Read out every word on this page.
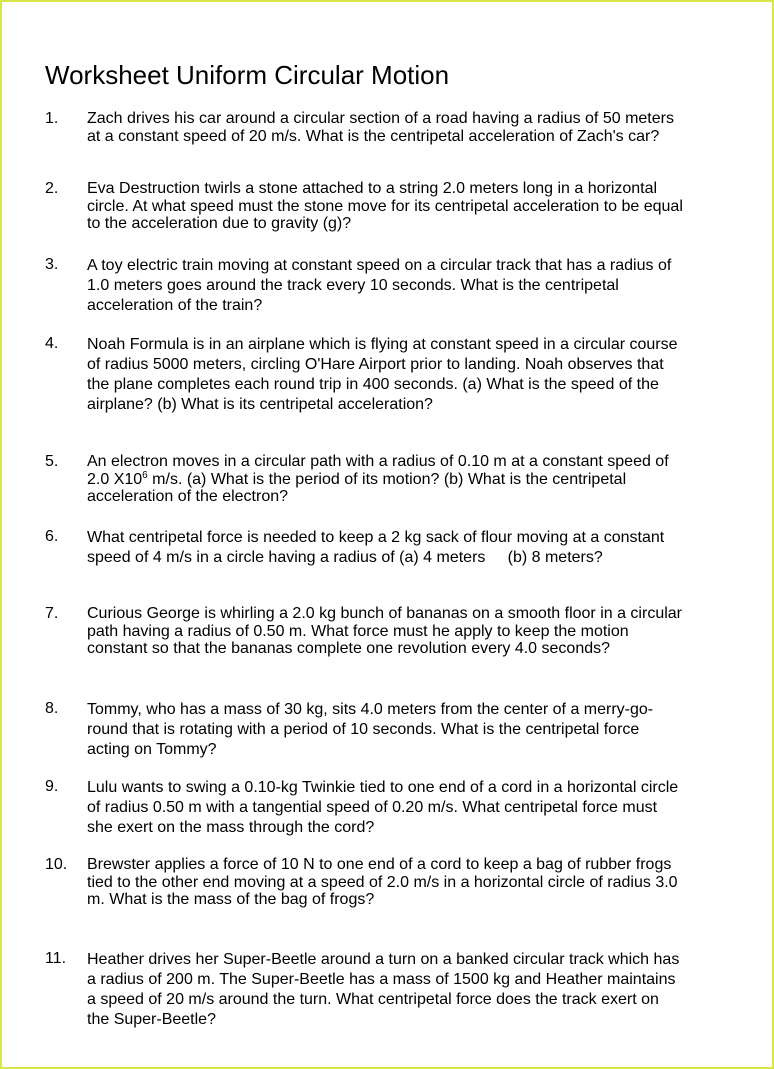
Worksheet Uniform Circular Motion
1. Zach drives his car around a circular section of a road having a radius of 50 meters at a constant speed of 20 m/s. What is the centripetal acceleration of Zach's car?
2. Eva Destruction twirls a stone attached to a string 2.0 meters long in a horizontal circle. At what speed must the stone move for its centripetal acceleration to be equal to the acceleration due to gravity (g)?
3. A toy electric train moving at constant speed on a circular track that has a radius of 1.0 meters goes around the track every 10 seconds. What is the centripetal acceleration of the train?
4. Noah Formula is in an airplane which is flying at constant speed in a circular course of radius 5000 meters, circling O'Hare Airport prior to landing. Noah observes that the plane completes each round trip in 400 seconds. (a) What is the speed of the airplane? (b) What is its centripetal acceleration?
5. An electron moves in a circular path with a radius of 0.10 m at a constant speed of 2.0 $X10^6$ m/s. (a) What is the period of its motion? (b) What is the centripetal acceleration of the electron?
6. What centripetal force is needed to keep a 2 kg sack of flour moving at a constant speed of 4 m/s in a circle having a radius of (a) 4 meters     (b) 8 meters?
7. Curious George is whirling a 2.0 kg bunch of bananas on a smooth floor in a circular path having a radius of 0.50 m. What force must he apply to keep the motion constant so that the bananas complete one revolution every 4.0 seconds?
8. Tommy, who has a mass of 30 kg, sits 4.0 meters from the center of a merry-go-round that is rotating with a period of 10 seconds. What is the centripetal force acting on Tommy?
9. Lulu wants to swing a 0.10-kg Twinkie tied to one end of a cord in a horizontal circle of radius 0.50 m with a tangential speed of 0.20 m/s. What centripetal force must she exert on the mass through the cord?
10. Brewster applies a force of 10 N to one end of a cord to keep a bag of rubber frogs tied to the other end moving at a speed of 2.0 m/s in a horizontal circle of radius 3.0 m. What is the mass of the bag of frogs?
11. Heather drives her Super-Beetle around a turn on a banked circular track which has a radius of 200 m. The Super-Beetle has a mass of 1500 kg and Heather maintains a speed of 20 m/s around the turn. What centripetal force does the track exert on the Super-Beetle?
